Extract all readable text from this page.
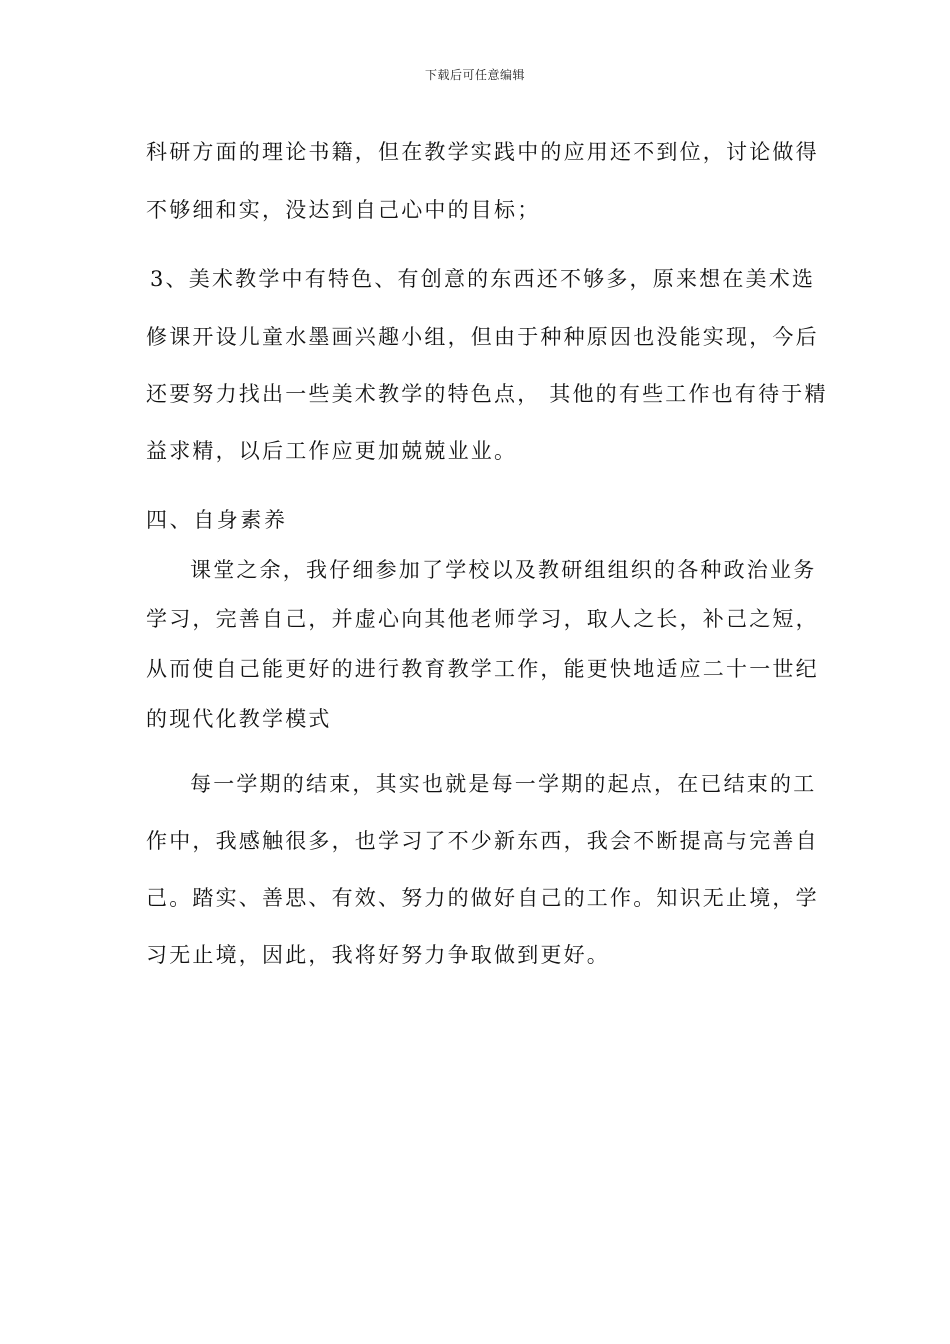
下载后可任意编辑
科研方面的理论书籍，但在教学实践中的应用还不到位，讨论做得
不够细和实，没达到自己心中的目标；
3、美术教学中有特色、有创意的东西还不够多，原来想在美术选
修课开设儿童水墨画兴趣小组，但由于种种原因也没能实现，今后
还要努力找出一些美术教学的特色点， 其他的有些工作也有待于精
益求精，以后工作应更加兢兢业业。
四、自身素养
课堂之余，我仔细参加了学校以及教研组组织的各种政治业务
学习，完善自己，并虚心向其他老师学习，取人之长，补己之短，
从而使自己能更好的进行教育教学工作，能更快地适应二十一世纪
的现代化教学模式
每一学期的结束，其实也就是每一学期的起点，在已结束的工
作中，我感触很多，也学习了不少新东西，我会不断提高与完善自
己。踏实、善思、有效、努力的做好自己的工作。知识无止境，学
习无止境，因此，我将好努力争取做到更好。
